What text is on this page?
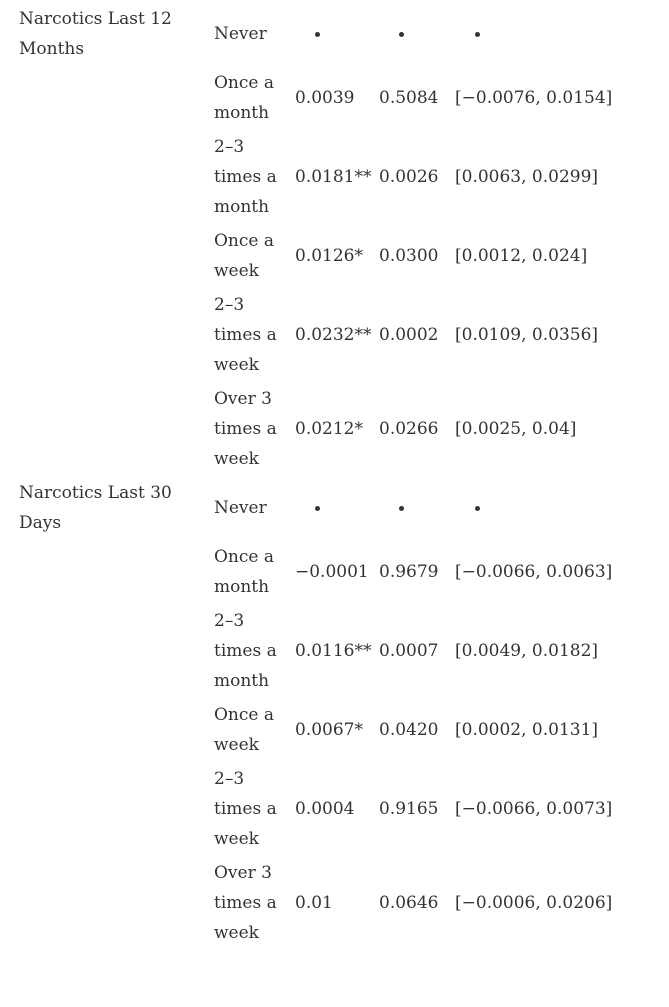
Narcotics Last 12 Months	Never			
	Once a month	0.0039	0.5084	[−0.0076, 0.0154]
	2–3 times a month	0.0181**	0.0026	[0.0063, 0.0299]
	Once a week	0.0126*	0.0300	[0.0012, 0.024]
	2–3 times a week	0.0232**	0.0002	[0.0109, 0.0356]
	Over 3 times a week	0.0212*	0.0266	[0.0025, 0.04]
Narcotics Last 30 Days	Never			
	Once a month	−0.0001	0.9679	[−0.0066, 0.0063]
	2–3 times a month	0.0116**	0.0007	[0.0049, 0.0182]
	Once a week	0.0067*	0.0420	[0.0002, 0.0131]
	2–3 times a week	0.0004	0.9165	[−0.0066, 0.0073]
	Over 3 times a week	0.01	0.0646	[−0.0006, 0.0206]
